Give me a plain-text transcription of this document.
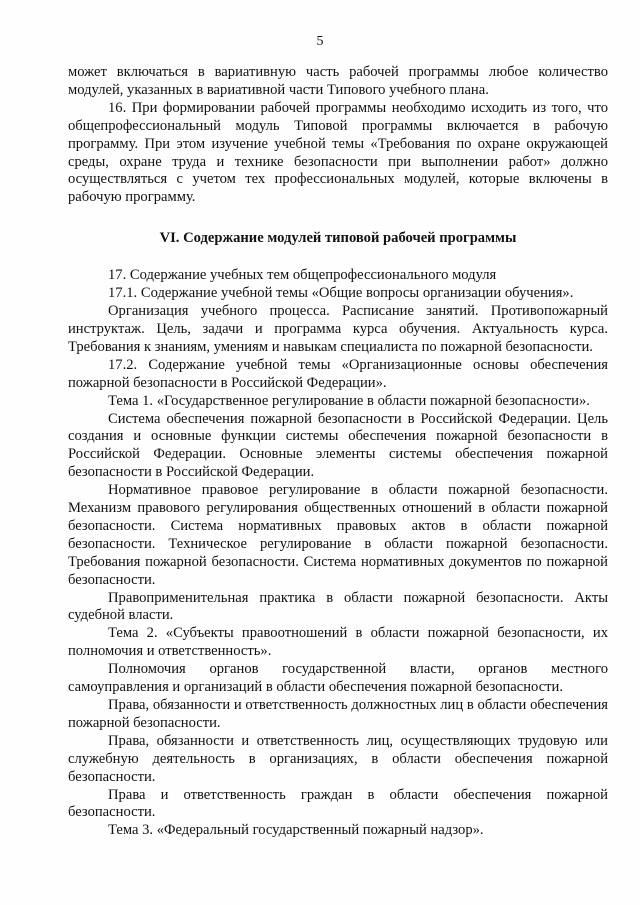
5

может включаться в вариативную часть рабочей программы любое количество модулей, указанных в вариативной части Типового учебного плана.

16. При формировании рабочей программы необходимо исходить из того, что общепрофессиональный модуль Типовой программы включается в рабочую программу. При этом изучение учебной темы «Требования по охране окружающей среды, охране труда и технике безопасности при выполнении работ» должно осуществляться с учетом тех профессиональных модулей, которые включены в рабочую программу.

VI. Содержание модулей типовой рабочей программы

17. Содержание учебных тем общепрофессионального модуля

17.1. Содержание учебной темы «Общие вопросы организации обучения».

Организация учебного процесса. Расписание занятий. Противопожарный инструктаж. Цель, задачи и программа курса обучения. Актуальность курса. Требования к знаниям, умениям и навыкам специалиста по пожарной безопасности.

17.2. Содержание учебной темы «Организационные основы обеспечения пожарной безопасности в Российской Федерации».

Тема 1. «Государственное регулирование в области пожарной безопасности».

Система обеспечения пожарной безопасности в Российской Федерации. Цель создания и основные функции системы обеспечения пожарной безопасности в Российской Федерации. Основные элементы системы обеспечения пожарной безопасности в Российской Федерации.

Нормативное правовое регулирование в области пожарной безопасности. Механизм правового регулирования общественных отношений в области пожарной безопасности. Система нормативных правовых актов в области пожарной безопасности. Техническое регулирование в области пожарной безопасности. Требования пожарной безопасности. Система нормативных документов по пожарной безопасности.

Правоприменительная практика в области пожарной безопасности. Акты судебной власти.

Тема 2. «Субъекты правоотношений в области пожарной безопасности, их полномочия и ответственность».

Полномочия органов государственной власти, органов местного самоуправления и организаций в области обеспечения пожарной безопасности.

Права, обязанности и ответственность должностных лиц в области обеспечения пожарной безопасности.

Права, обязанности и ответственность лиц, осуществляющих трудовую или служебную деятельность в организациях, в области обеспечения пожарной безопасности.

Права и ответственность граждан в области обеспечения пожарной безопасности.

Тема 3. «Федеральный государственный пожарный надзор».
